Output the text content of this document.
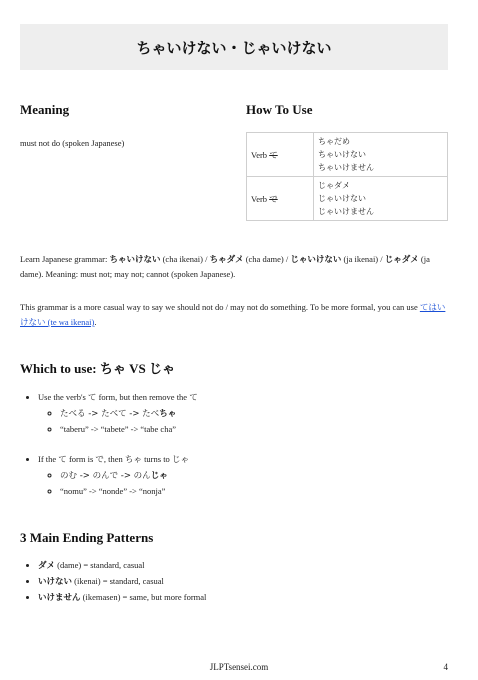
ちゃいけない・じゃいけない
Meaning
must not do (spoken Japanese)
How To Use
Verb て	ちゃだめ
ちゃいけない
ちゃいけません

Verb で	じゃダメ
じゃいけない
じゃいけません
Learn Japanese grammar: ちゃいけない (cha ikenai) / ちゃダメ (cha dame) / じゃいけない (ja ikenai) / じゃダメ (ja dame). Meaning: must not; may not; cannot (spoken Japanese).
This grammar is a more casual way to say we should not do / may not do something. To be more formal, you can use てはいけない (te wa ikenai).
Which to use: ちゃ VS じゃ
• Use the verb's て form, but then remove the て
◦ たべる -> たべて -> たべちゃ
◦ “taberu” -> “tabete” -> “tabe cha”
• If the て form is で, then ちゃ turns to じゃ
◦ のむ -> のんで -> のんじゃ
◦ “nomu” -> “nonde” -> “nonja”
3 Main Ending Patterns
• ダメ (dame) = standard, casual
• いけない (ikenai) = standard, casual
• いけません (ikemasen) = same, but more formal
JLPTsensei.com	4
